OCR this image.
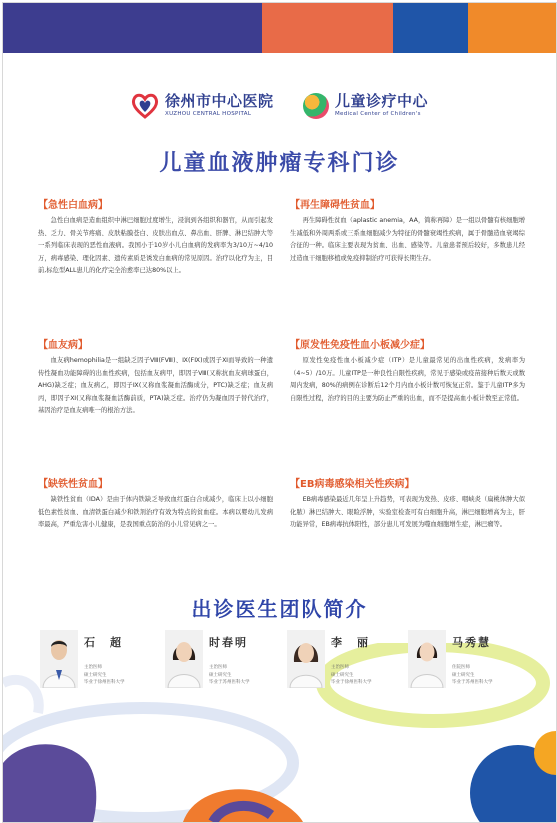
徐州市中心医院
XUZHOU CENTRAL HOSPITAL
儿童诊疗中心
Medical Center of Children's
儿童血液肿瘤专科门诊
【急性白血病】
急性白血病是造血组织中淋巴细胞过度增生，浸润到各组织和器官，从而引起发热、乏力、骨关节疼痛、皮肤粘膜苍白、皮肤出血点、鼻出血、肝脾、淋巴结肿大等一系列临床表现的恶性血液病。我国小于10岁小儿白血病的发病率为3/10万~4/10万，病毒感染、理化因素、遗传素质是诱发白血病的常见原因。治疗以化疗为主，目前,标危型ALL患儿的化疗完全治愈率已达80%以上。
【再生障碍性贫血】
再生障碍性贫血（aplastic anemia，AA，简称再障）是一组以骨髓有核细胞增生减低和外周两系或三系血细胞减少为特征的骨髓衰竭性疾病，属于骨髓造血衰竭综合征的一种。临床主要表现为贫血、出血、感染等。儿童患者预后较好，多数患儿经过造血干细胞移植或免疫抑制治疗可获得长期生存。
【血友病】
血友病hemophilia是一组缺乏因子Ⅷ(FⅧ)、Ⅸ(FⅨ)或因子Ⅺ而导致的一种遗传性凝血功能障碍的出血性疾病，包括血友病甲，即因子Ⅷ(又称抗血友病球蛋白，AHG)缺乏症；血友病乙，即因子Ⅸ(又称血浆凝血活酶成分，PTC)缺乏症；血友病丙，即因子Ⅺ(又称血浆凝血活酶前质，PTA)缺乏症。治疗仍为凝血因子替代治疗，基因治疗是血友病唯一的根治方法。
【原发性免疫性血小板减少症】
原发性免疫性血小板减少症（ITP）是儿童最常见的出血性疾病，发病率为（4~5）/10万。儿童ITP是一种良性自限性疾病，常见于感染或疫苗接种后数天或数周内发病，80%的病例在诊断后12个月内血小板计数可恢复正常。鉴于儿童ITP多为自限性过程，治疗的目的主要为防止严重的出血，而不是提高血小板计数至正常值。
【缺铁性贫血】
缺铁性贫血（IDA）是由于体内铁缺乏导致血红蛋白合成减少，临床上以小细胞低色素性贫血、血清铁蛋白减少和铁剂治疗有效为特点的贫血症。本病以婴幼儿发病率最高，严重危害小儿健康，是我国重点防治的小儿常见病之一。
【EB病毒感染相关性疾病】
EB病毒感染最近几年呈上升趋势，可表现为发热、皮疹、咽峡炎（扁桃体肿大似化脓）淋巴结肿大、眼睑浮肿，实验室检查可有白细胞升高，淋巴细胞增高为主，肝功能异常，EB病毒抗体阳性，部分患儿可发展为噬血细胞增生症，淋巴瘤等。
出诊医生团队简介
石　超
主治医师
硕士研究生
毕业于徐州医科大学
时春明
主治医师
硕士研究生
毕业于苏州医科大学
李　丽
主治医师
硕士研究生
毕业于徐州医科大学
马秀慧
住院医师
硕士研究生
毕业于苏州医科大学
